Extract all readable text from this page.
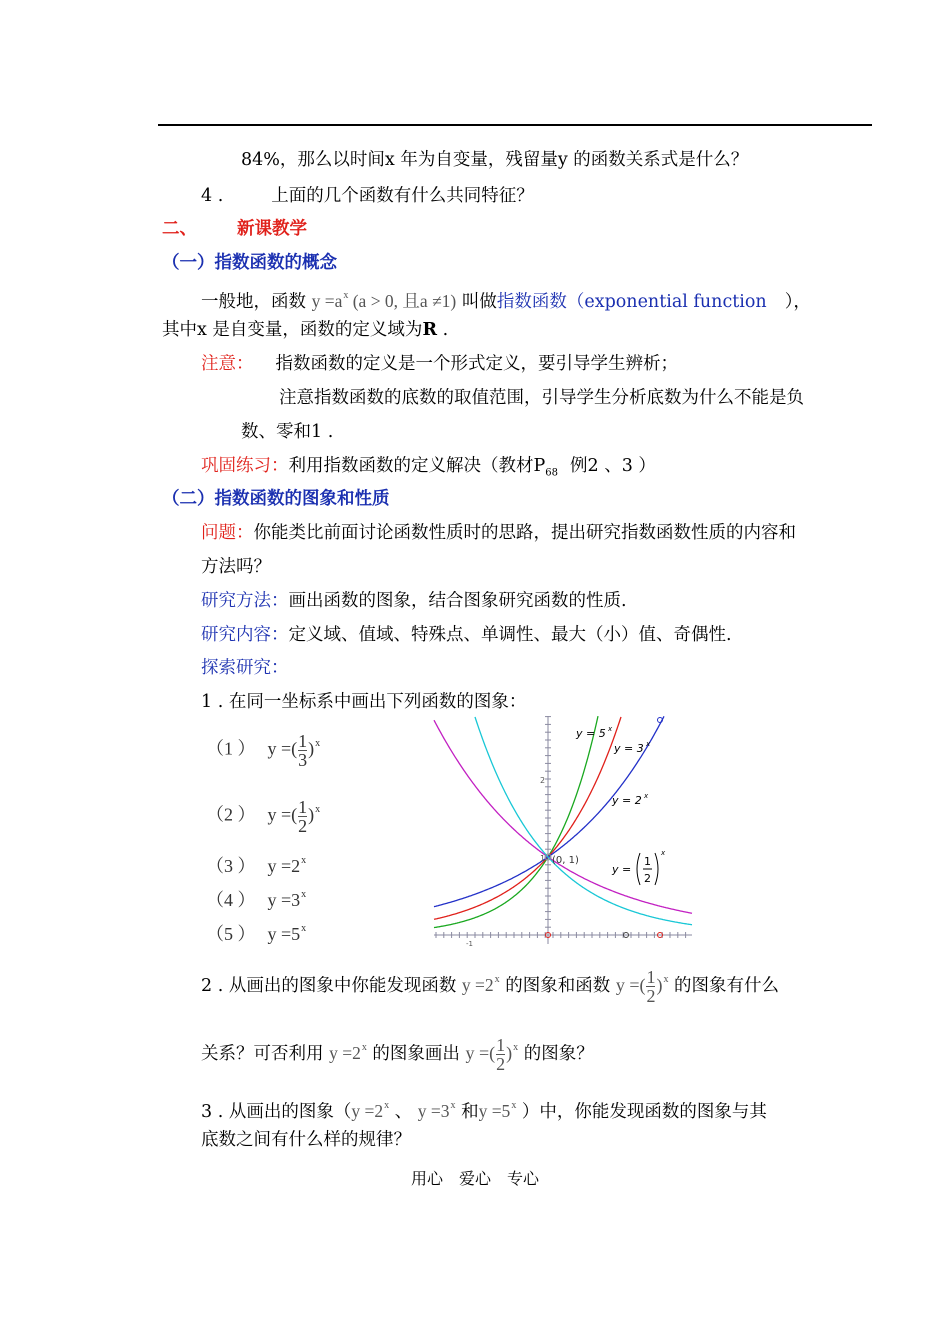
84%，那么以时间x 年为自变量，残留量y 的函数关系式是什么？
4 .	上面的几个函数有什么共同特征？
二、 新课教学
（一）指数函数的概念
一般地，函数 $y =a^x$ (a > 0, 且a ≠1) 叫做指数函数（exponential function ），
其中x 是自变量，函数的定义域为R .
注意： 指数函数的定义是一个形式定义，要引导学生辨析；
注意指数函数的底数的取值范围，引导学生分析底数为什么不能是负
数、零和1 .
巩固练习：利用指数函数的定义解决（教材$P_{68}$ 例2 、3 ）
（二）指数函数的图象和性质
问题：你能类比前面讨论函数性质时的思路，提出研究指数函数性质的内容和
方法吗？
研究方法：画出函数的图象，结合图象研究函数的性质.
研究内容：定义域、值域、特殊点、单调性、最大（小）值、奇偶性.
探索研究：
1 . 在同一坐标系中画出下列函数的图象：
（1 ） y =( $\frac{1}{3} )^x$
（2 ） y =( $\frac{1}{2} )^x$
（3 ） $y =2^x$
（4 ） $y =3^x$
（5 ） $y =5^x$
(0, 1)
2
1
-1
y = 5 x
y = 3 x
y = 2 x
y =
1
2
x
2 . 从画出的图象中你能发现函数 $y =2^x$ 的图象和函数 y =( $\frac{1}{2} )^x$ 的图象有什么
关系？可否利用 $y =2^x$ 的图象画出 y =( $\frac{1}{2} )^x$ 的图象？
3 . 从画出的图象（$y =2^x$ 、 $y =3^x$ 和$y =5^x$ ）中，你能发现函数的图象与其
底数之间有什么样的规律？
用心　爱心　专心
